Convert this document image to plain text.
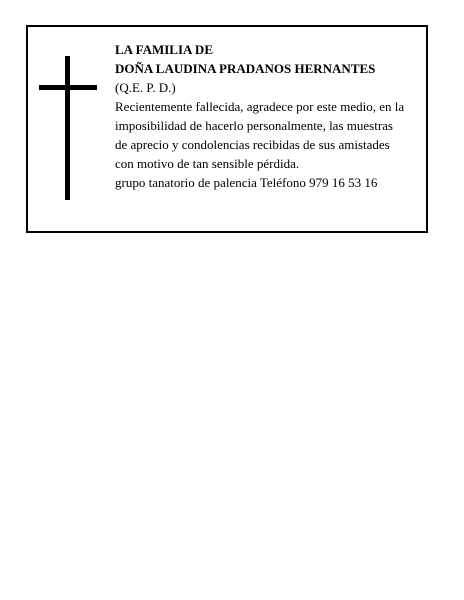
LA FAMILIA DE
DOÑA LAUDINA PRADANOS HERNANTES
(Q.E. P. D.)
Recientemente fallecida, agradece por este medio, en la
imposibilidad de hacerlo personalmente, las muestras
de aprecio y condolencias recibidas de sus amistades
con motivo de tan sensible pérdida.
grupo tanatorio de palencia Teléfono 979 16 53 16
